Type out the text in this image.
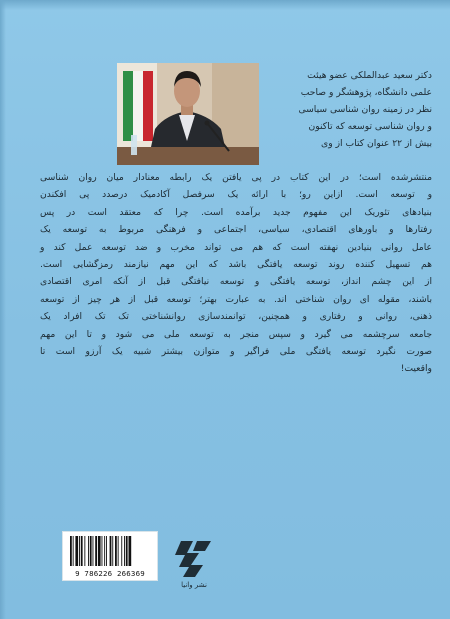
دکتر سعید عبدالملکی عضو هیئت
علمی دانشگاه، پژوهشگر و صاحب
نظر در زمینه روان شناسی سیاسی
و روان شناسی توسعه که تاکنون
بیش از ۲۲ عنوان کتاب از وی
منتشرشده است؛ در این کتاب در پی یافتن یک رابطه معنادار میان روان شناسی
و توسعه است. ازاین رو؛ با ارائه یک سرفصل آکادمیک درصدد پی افکندن
بنیادهای تئوریک این مفهوم جدید برآمده است. چرا که معتقد است در پس
رفتارها و باورهای اقتصادی، سیاسی، اجتماعی و فرهنگی مربوط به توسعه یک
عامل روانی بنیادین نهفته است که هم می تواند مخرب و ضد توسعه عمل کند و
هم تسهیل کننده روند توسعه یافتگی باشد که این مهم نیازمند رمزگشایی است.
از این چشم انداز، توسعه یافتگی و توسعه نیافتگی قبل از آنکه امری اقتصادی
باشند، مقوله ای روان شناختی اند. به عبارت بهتر؛ توسعه قبل از هر چیز از توسعه
ذهنی، روانی و رفتاری و همچنین، توانمندسازی روانشناختی تک تک افراد یک
جامعه سرچشمه می گیرد و سپس منجر به توسعه ملی می شود و تا این مهم
صورت نگیرد توسعه یافتگی ملی فراگیر و متوازن بیشتر شبیه یک آرزو است تا
واقعیت!
9 786226 266369
نشر وانیا
